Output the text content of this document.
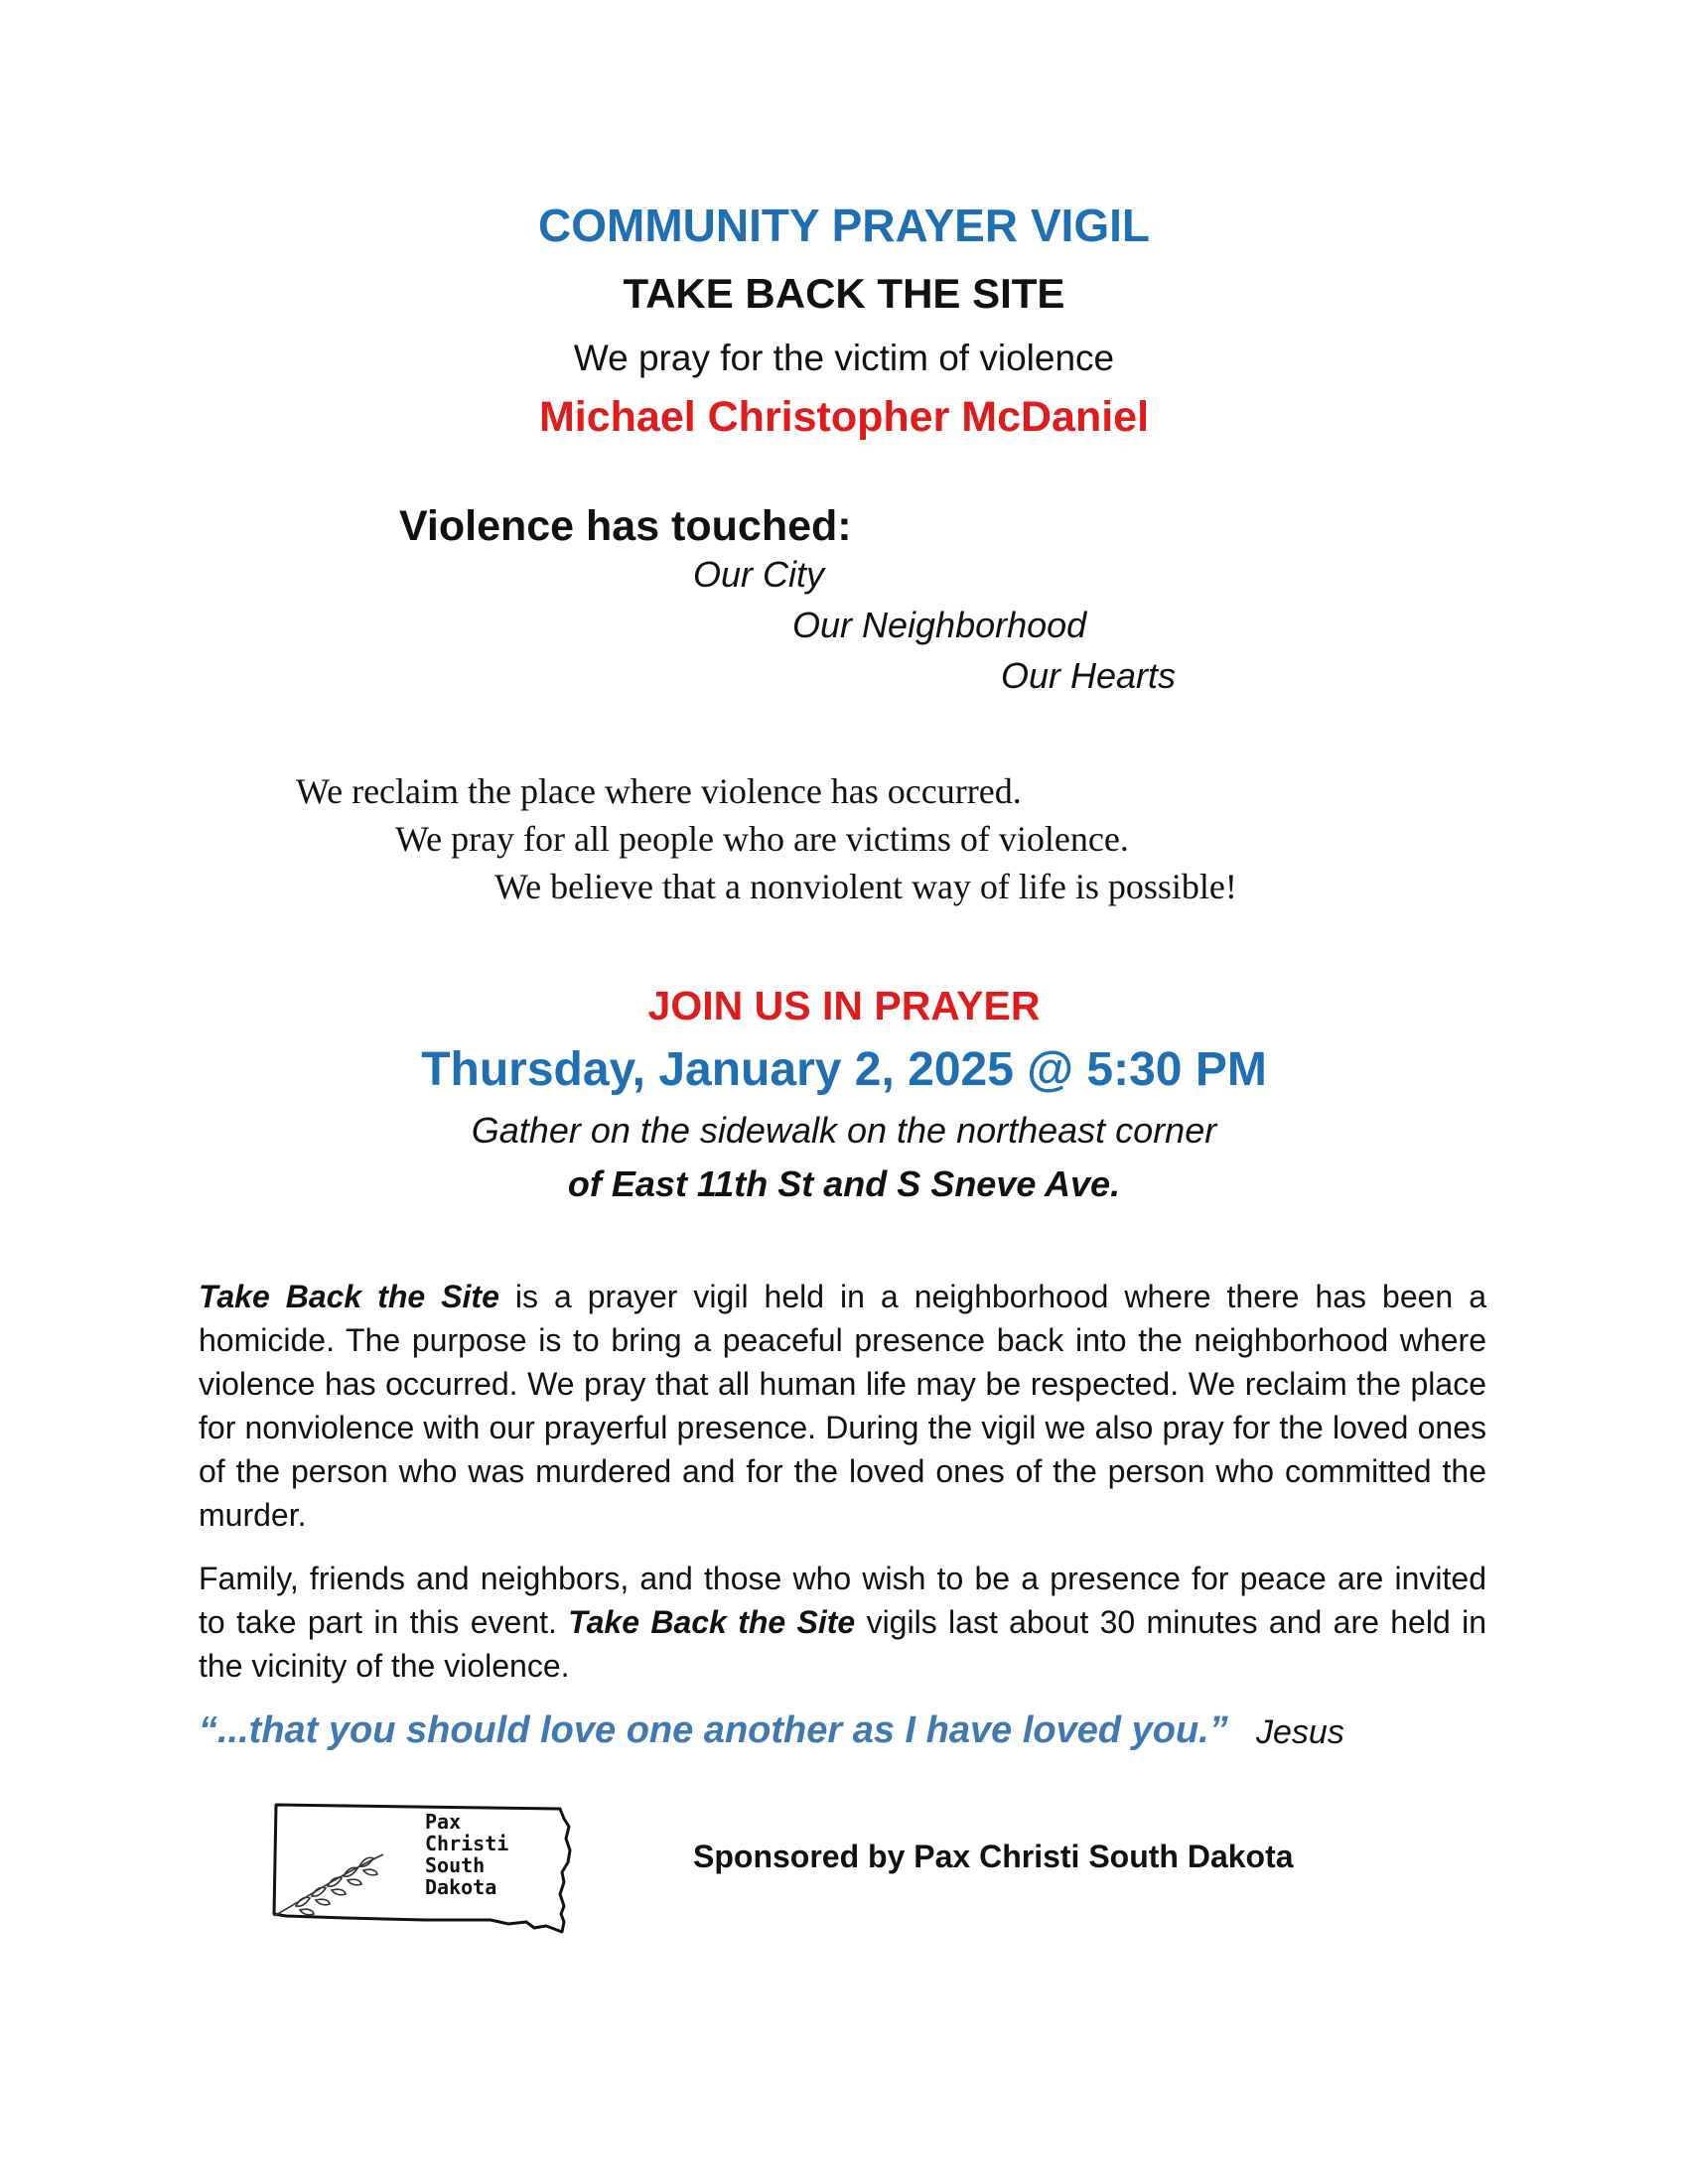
COMMUNITY PRAYER VIGIL
TAKE BACK THE SITE
We pray for the victim of violence
Michael Christopher McDaniel
Violence has touched:
Our City
Our Neighborhood
Our Hearts
We reclaim the place where violence has occurred.
We pray for all people who are victims of violence.
We believe that a nonviolent way of life is possible!
JOIN US IN PRAYER
Thursday, January 2, 2025 @ 5:30 PM
Gather on the sidewalk on the northeast corner
of East 11th St and S Sneve Ave.
Take Back the Site is a prayer vigil held in a neighborhood where there has been a homicide. The purpose is to bring a peaceful presence back into the neighborhood where violence has occurred. We pray that all human life may be respected. We reclaim the place for nonviolence with our prayerful presence. During the vigil we also pray for the loved ones of the person who was murdered and for the loved ones of the person who committed the murder.
Family, friends and neighbors, and those who wish to be a presence for peace are invited to take part in this event. Take Back the Site vigils last about 30 minutes and are held in the vicinity of the violence.
“...that you should love one another as I have loved you.” Jesus
Pax
Christi
South
Dakota
Sponsored by Pax Christi South Dakota
